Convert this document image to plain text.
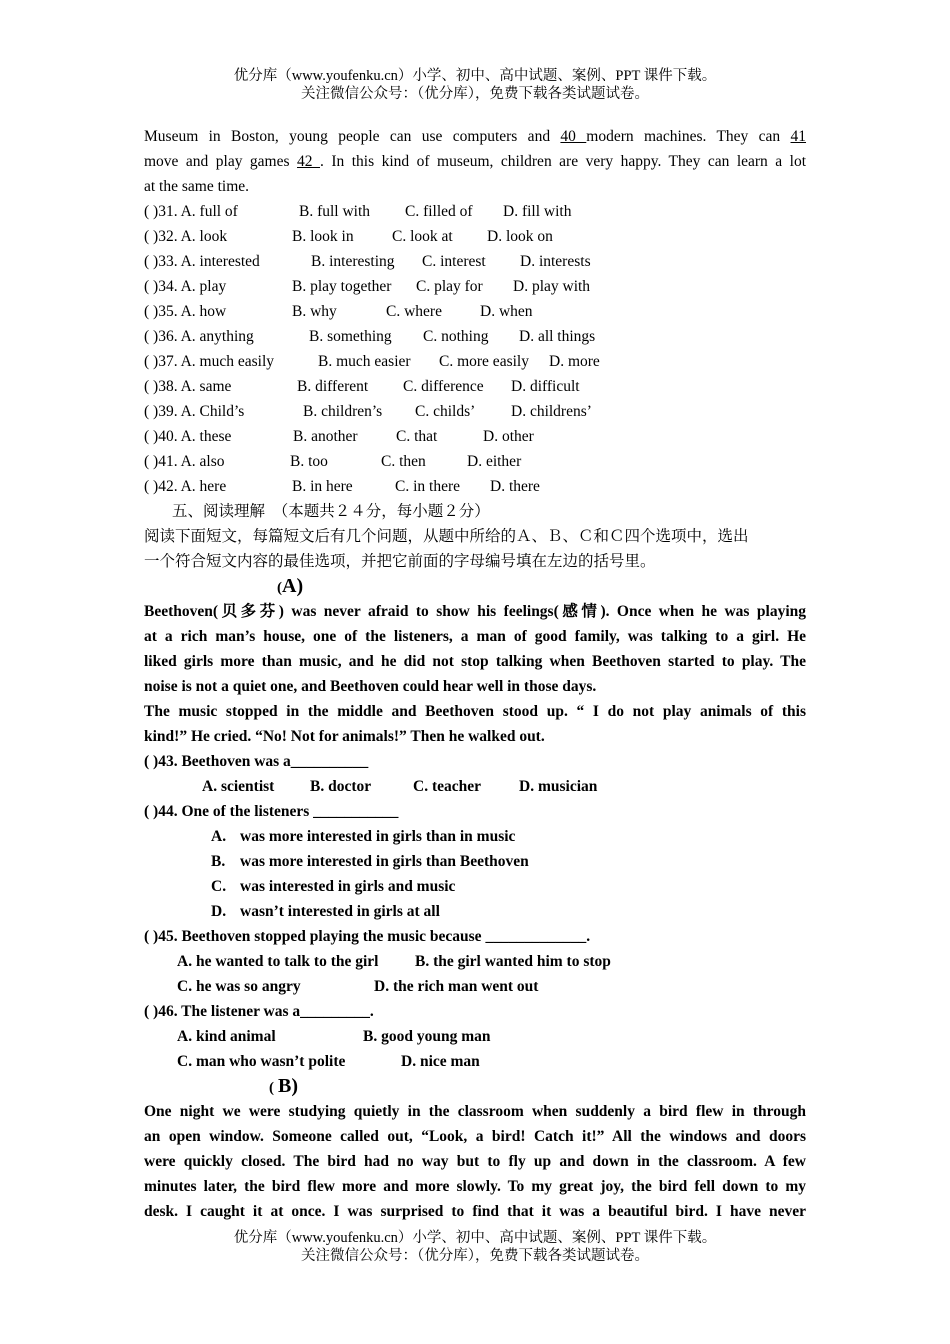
优分库（www.youfenku.cn）小学、初中、高中试题、案例、PPT 课件下载。
关注微信公众号：（优分库），免费下载各类试题试卷。
Museum in Boston, young people can use computers and 40 modern machines. They can 41
move and play games 42 . In this kind of museum, children are very happy. They can learn a lot
at the same time.
( )31. A. full of	B. full with C. filled of D. fill with
( )32. A. look	B. look in C. look at D. look on
( )33. A. interested	B. interesting C. interest D. interests
( )34. A. play	B. play together C. play for D. play with
( )35. A. how	B. why	C. where D. when
( )36. A. anything	B. something C. nothing D. all things
( )37. A. much easily	B. much easier C. more easily D. more
( )38. A. same	B. different C. difference D. difficult
( )39. A. Child’s	B. children’s C. childs’ D. childrens’
( )40. A. these	B. another C. that	D. other
( )41. A. also	B. too	C. then	D. either
( )42. A. here	B. in here	C. in there D. there
五、阅读理解　（本题共２４分，每小题２分）
阅读下面短文，每篇短文后有几个问题，从题中所给的Ａ、Ｂ、Ｃ和Ｃ四个选项中，选出
一个符合短文内容的最佳选项，并把它前面的字母编号填在左边的括号里。
(A)
Beethoven(贝多芬) was never afraid to show his feelings(感情). Once when he was playing
at a rich man’s house, one of the listeners, a man of good family, was talking to a girl. He
liked girls more than music, and he did not stop talking when Beethoven started to play. The
noise is not a quiet one, and Beethoven could hear well in those days.
The music stopped in the middle and Beethoven stood up. “ I do not play animals of this
kind!” He cried. “No! Not for animals!” Then he walked out.
( )43. Beethoven was a__________
A. scientist B. doctor	C. teacher D. musician
( )44. One of the listeners ___________
A. was more interested in girls than in music
B. was more interested in girls than Beethoven
C. was interested in girls and music
D. wasn’t interested in girls at all
( )45. Beethoven stopped playing the music because _____________.
A. he wanted to talk to the girl B. the girl wanted him to stop
C. he was so angry	D. the rich man went out
( )46. The listener was a_________.
A. kind animal	B. good young man
C. man who wasn’t polite	D. nice man
( B)
One night we were studying quietly in the classroom when suddenly a bird flew in through
an open window. Someone called out, “Look, a bird! Catch it!” All the windows and doors
were quickly closed. The bird had no way but to fly up and down in the classroom. A few
minutes later, the bird flew more and more slowly. To my great joy, the bird fell down to my
desk. I caught it at once. I was surprised to find that it was a beautiful bird. I have never
优分库（www.youfenku.cn）小学、初中、高中试题、案例、PPT 课件下载。
关注微信公众号：（优分库），免费下载各类试题试卷。
